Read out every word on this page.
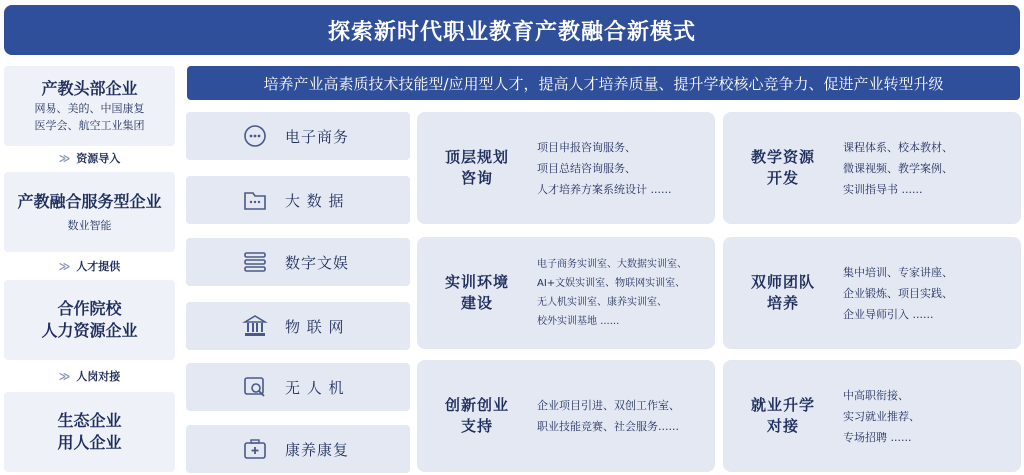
探索新时代职业教育产教融合新模式
培养产业高素质技术技能型/应用型人才，提高人才培养质量、提升学校核心竞争力、促进产业转型升级
产教头部企业
网易、美的、中国康复
医学会、航空工业集团
≫ 资源导入
产教融合服务型企业
数业智能
≫ 人才提供
合作院校
人力资源企业
≫ 人岗对接
生态企业
用人企业
电子商务
大 数 据
数字文娱
物 联 网
无 人 机
康养康复
顶层规划
咨询
项目申报咨询服务、
项目总结咨询服务、
人才培养方案系统设计 ......
教学资源
开发
课程体系、校本教材、
微课视频、教学案例、
实训指导书 ......
实训环境
建设
电子商务实训室、大数据实训室、
AI+文娱实训室、物联网实训室、
无人机实训室、康养实训室、
校外实训基地 ......
双师团队
培养
集中培训、专家讲座、
企业锻炼、项目实践、
企业导师引入 ......
创新创业
支持
企业项目引进、双创工作室、
职业技能竞赛、社会服务......
就业升学
对接
中高职衔接、
实习就业推荐、
专场招聘 ......
